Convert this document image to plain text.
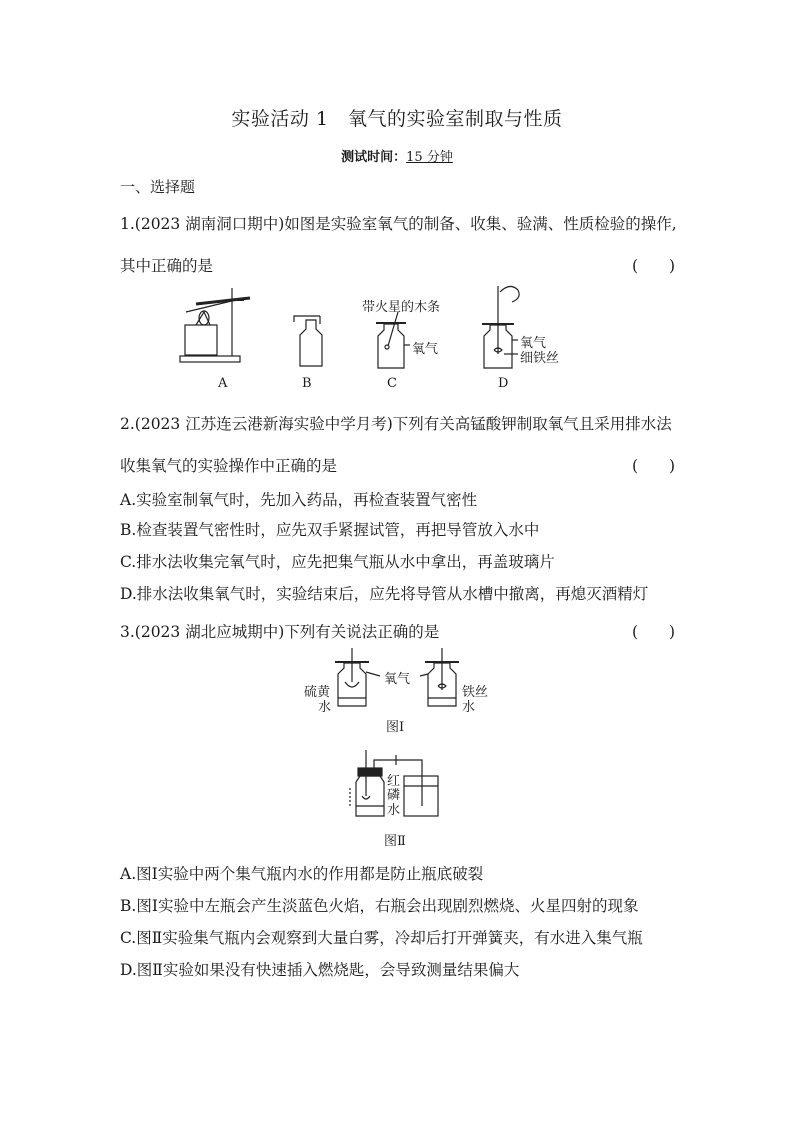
实验活动 1　氧气的实验室制取与性质
测试时间：15 分钟
一、选择题
1.(2023 湖南洞口期中)如图是实验室氧气的制备、收集、验满、性质检验的操作,
其中正确的是	(　　)
A	B	C	D
带火星的木条
氧气	氧气
细铁丝
2.(2023 江苏连云港新海实验中学月考)下列有关高锰酸钾制取氧气且采用排水法
收集氧气的实验操作中正确的是	(　　)
A.实验室制氧气时，先加入药品，再检查装置气密性
B.检查装置气密性时，应先双手紧握试管，再把导管放入水中
C.排水法收集完氧气时，应先把集气瓶从水中拿出，再盖玻璃片
D.排水法收集氧气时，实验结束后，应先将导管从水槽中撤离，再熄灭酒精灯
3.(2023 湖北应城期中)下列有关说法正确的是	(　　)
硫黄
水
氧气
铁丝
水
图Ⅰ
红
磷
水
图Ⅱ
A.图Ⅰ实验中两个集气瓶内水的作用都是防止瓶底破裂
B.图Ⅰ实验中左瓶会产生淡蓝色火焰，右瓶会出现剧烈燃烧、火星四射的现象
C.图Ⅱ实验集气瓶内会观察到大量白雾，冷却后打开弹簧夹，有水进入集气瓶
D.图Ⅱ实验如果没有快速插入燃烧匙，会导致测量结果偏大
